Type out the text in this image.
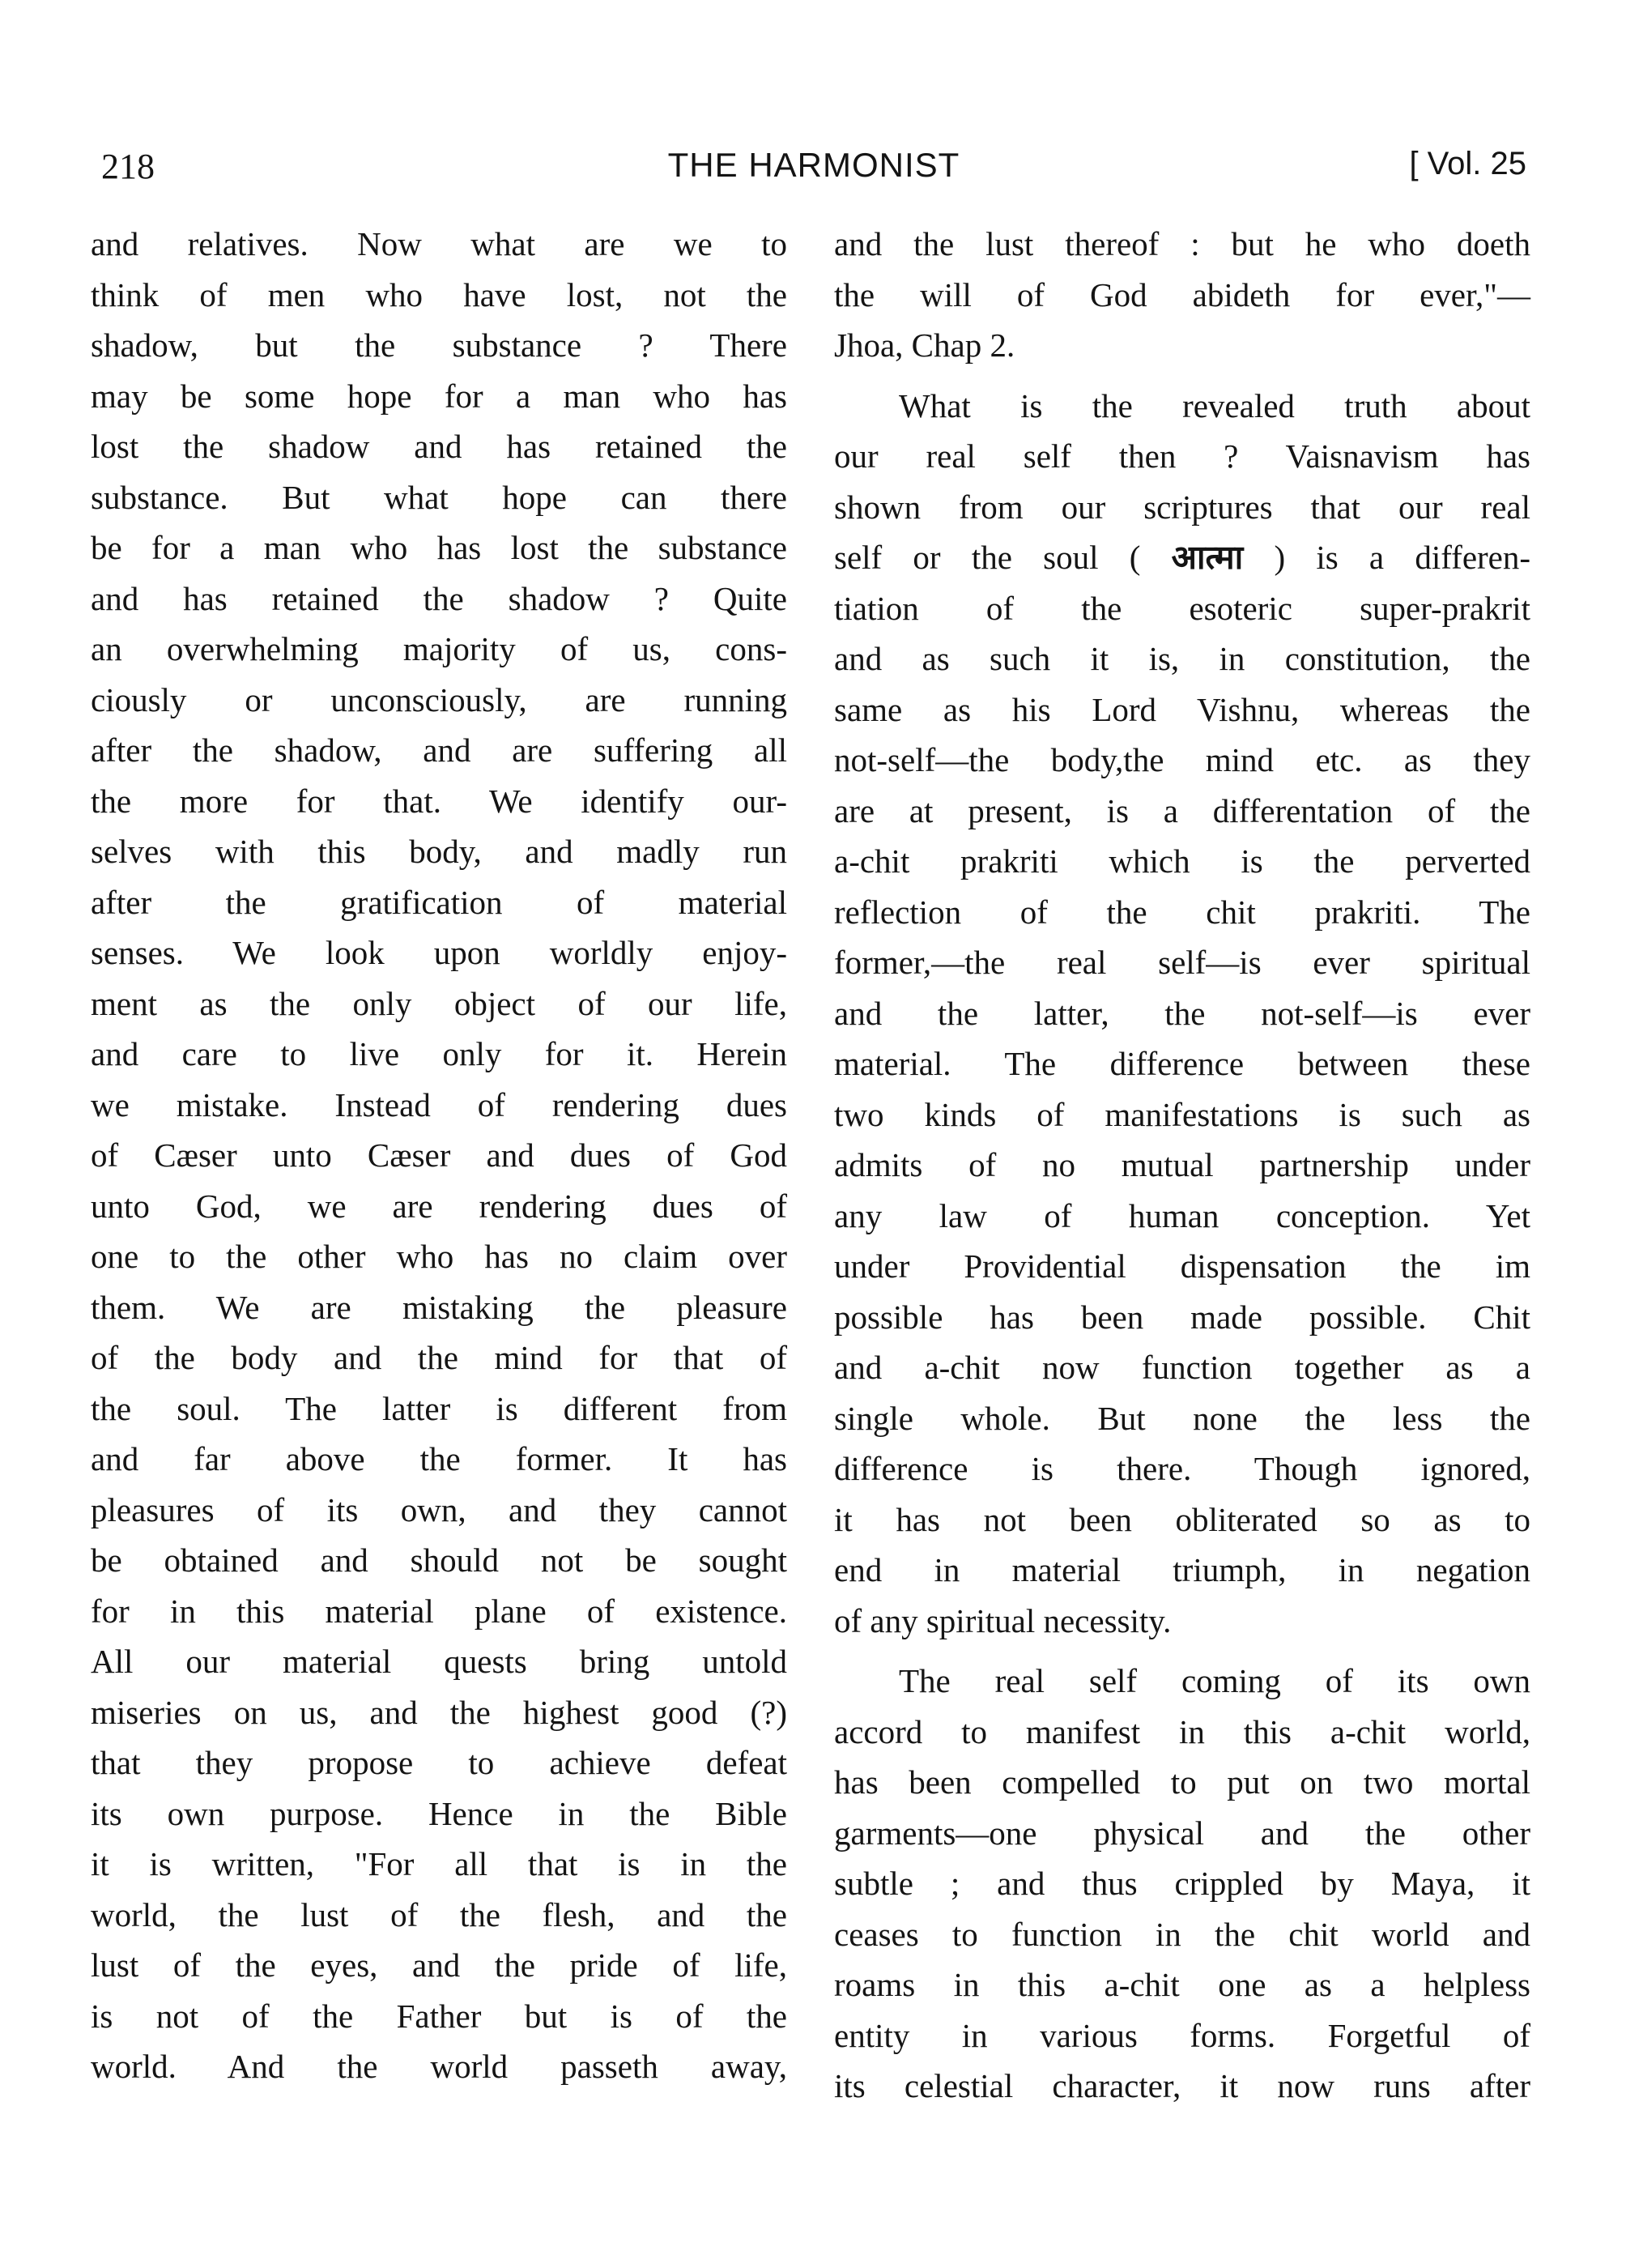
218	THE HARMONIST	[ Vol. 25
and relatives. Now what are we to
think of men who have lost, not the
shadow, but the substance ? There
may be some hope for a man who has
lost the shadow and has retained the
substance. But what hope can there
be for a man who has lost the substance
and has retained the shadow ? Quite
an overwhelming majority of us, cons-
ciously or unconsciously, are running
after the shadow, and are suffering all
the more for that. We identify our-
selves with this body, and madly run
after the gratification of material
senses. We look upon worldly enjoy-
ment as the only object of our life,
and care to live only for it. Herein
we mistake. Instead of rendering dues
of Cæser unto Cæser and dues of God
unto God, we are rendering dues of
one to the other who has no claim over
them. We are mistaking the pleasure
of the body and the mind for that of
the soul. The latter is different from
and far above the former. It has
pleasures of its own, and they cannot
be obtained and should not be sought
for in this material plane of existence.
All our material quests bring untold
miseries on us, and the highest good (?)
that they propose to achieve defeat
its own purpose. Hence in the Bible
it is written, "For all that is in the
world, the lust of the flesh, and the
lust of the eyes, and the pride of life,
is not of the Father but is of the
world. And the world passeth away,
and the lust thereof : but he who doeth
the will of God abideth for ever,"—
Jhoa, Chap 2.
What is the revealed truth about
our real self then ? Vaisnavism has
shown from our scriptures that our real
self or the soul ( आत्मा ) is a differen-
tiation of the esoteric super-prakrit
and as such it is, in constitution, the
same as his Lord Vishnu, whereas the
not-self—the body,the mind etc. as they
are at present, is a differentation of the
a-chit prakriti which is the perverted
reflection of the chit prakriti. The
former,—the real self—is ever spiritual
and the latter, the not-self—is ever
material. The difference between these
two kinds of manifestations is such as
admits of no mutual partnership under
any law of human conception. Yet
under Providential dispensation the im
possible has been made possible. Chit
and a-chit now function together as a
single whole. But none the less the
difference is there. Though ignored,
it has not been obliterated so as to
end in material triumph, in negation
of any spiritual necessity.
The real self coming of its own
accord to manifest in this a-chit world,
has been compelled to put on two mortal
garments—one physical and the other
subtle ; and thus crippled by Maya, it
ceases to function in the chit world and
roams in this a-chit one as a helpless
entity in various forms. Forgetful of
its celestial character, it now runs after
